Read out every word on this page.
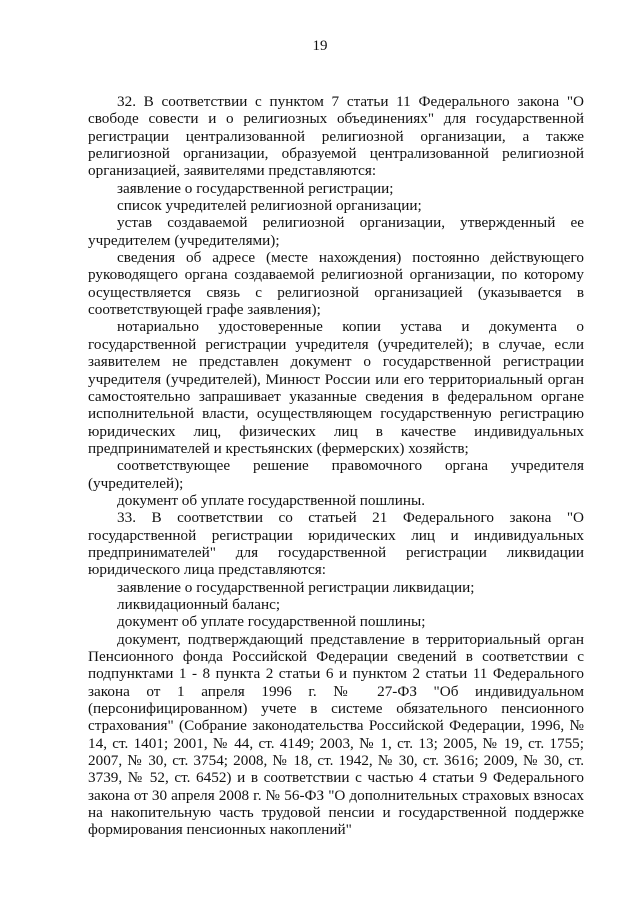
19

32. В соответствии с пунктом 7 статьи 11 Федерального закона "О свободе совести и о религиозных объединениях" для государственной регистрации централизованной религиозной организации, а также религиозной организации, образуемой централизованной религиозной организацией, заявителями представляются:

заявление о государственной регистрации;

список учредителей религиозной организации;

устав создаваемой религиозной организации, утвержденный ее учредителем (учредителями);

сведения об адресе (месте нахождения) постоянно действующего руководящего органа создаваемой религиозной организации, по которому осуществляется связь с религиозной организацией (указывается в соответствующей графе заявления);

нотариально удостоверенные копии устава и документа о государственной регистрации учредителя (учредителей); в случае, если заявителем не представлен документ о государственной регистрации учредителя (учредителей), Минюст России или его территориальный орган самостоятельно запрашивает указанные сведения в федеральном органе исполнительной власти, осуществляющем государственную регистрацию юридических лиц, физических лиц в качестве индивидуальных предпринимателей и крестьянских (фермерских) хозяйств;

соответствующее решение правомочного органа учредителя (учредителей);

документ об уплате государственной пошлины.

33. В соответствии со статьей 21 Федерального закона "О государственной регистрации юридических лиц и индивидуальных предпринимателей" для государственной регистрации ликвидации юридического лица представляются:

заявление о государственной регистрации ликвидации;

ликвидационный баланс;

документ об уплате государственной пошлины;

документ, подтверждающий представление в территориальный орган Пенсионного фонда Российской Федерации сведений в соответствии с подпунктами 1 - 8 пункта 2 статьи 6 и пунктом 2 статьи 11 Федерального закона от 1 апреля 1996 г. № 27-ФЗ "Об индивидуальном (персонифицированном) учете в системе обязательного пенсионного страхования" (Собрание законодательства Российской Федерации, 1996, № 14, ст. 1401; 2001, № 44, ст. 4149; 2003, № 1, ст. 13; 2005, № 19, ст. 1755; 2007, № 30, ст. 3754; 2008, № 18, ст. 1942, № 30, ст. 3616; 2009, № 30, ст. 3739, № 52, ст. 6452) и в соответствии с частью 4 статьи 9 Федерального закона от 30 апреля 2008 г. № 56-ФЗ "О дополнительных страховых взносах на накопительную часть трудовой пенсии и государственной поддержке формирования пенсионных накоплений"
